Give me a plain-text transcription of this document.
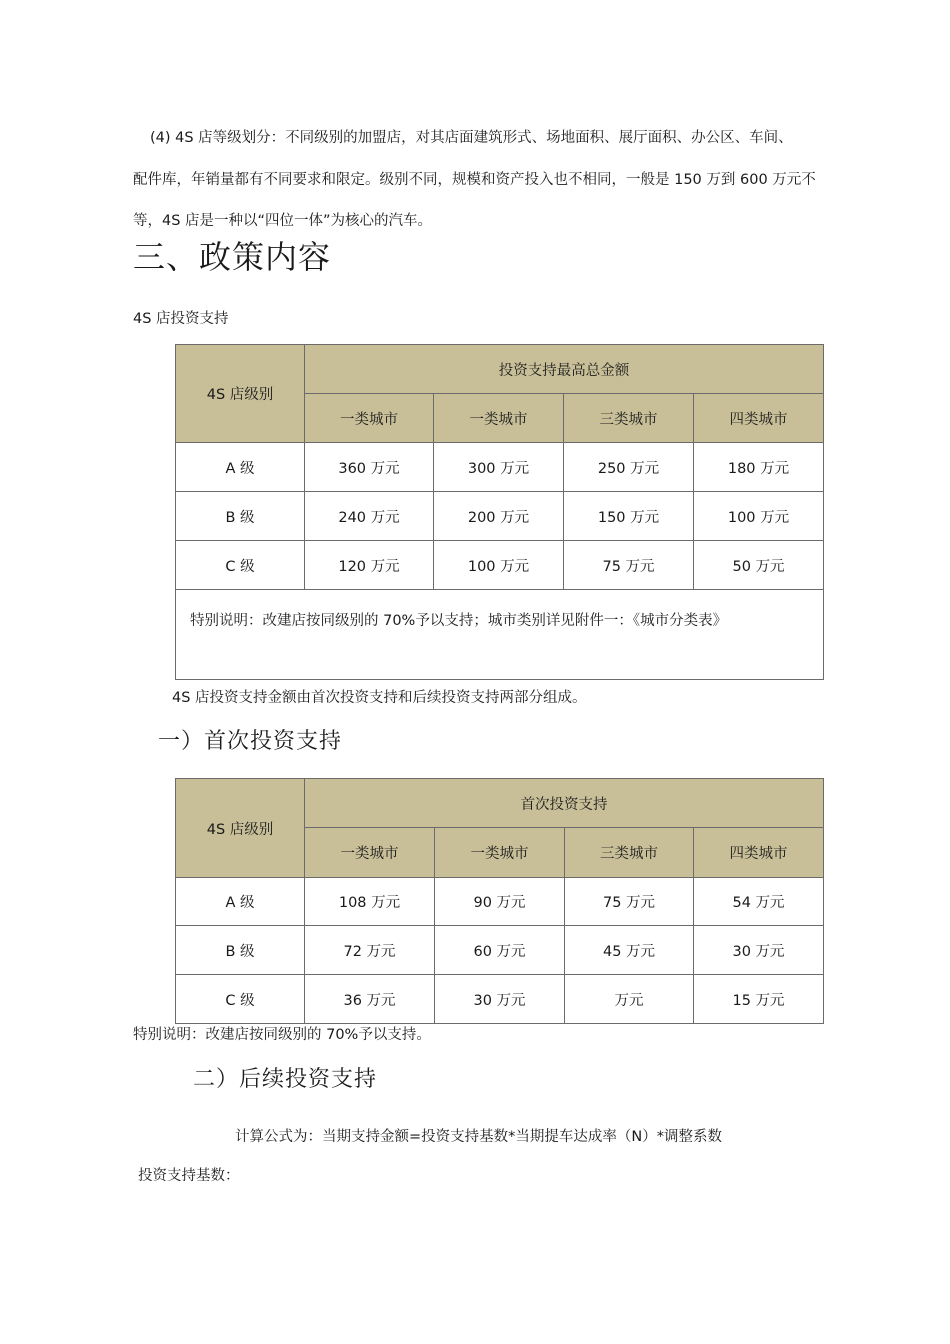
(4) 4S 店等级划分：不同级别的加盟店，对其店面建筑形式、场地面积、展厅面积、办公区、车间、
配件库，年销量都有不同要求和限定。级别不同，规模和资产投入也不相同，一般是 150 万到 600 万元不
等，4S 店是一种以“四位一体”为核心的汽车。
三、政策内容
4S 店投资支持
4S 店级别	投资支持最高总金额			
	一类城市	一类城市	三类城市	四类城市
A 级	360 万元	300 万元	250 万元	180 万元
B 级	240 万元	200 万元	150 万元	100 万元
C 级	120 万元	100 万元	75 万元	50 万元

特别说明：改建店按同级别的 70%予以支持；城市类别详见附件一：《城市分类表》				
4S 店投资支持金额由首次投资支持和后续投资支持两部分组成。
一）首次投资支持
4S 店级别	首次投资支持			
	一类城市	一类城市	三类城市	四类城市
A 级	108 万元	90 万元	75 万元	54 万元
B 级	72 万元	60 万元	45 万元	30 万元
C 级	36 万元	30 万元	万元	15 万元
特别说明：改建店按同级别的 70%予以支持。
二）后续投资支持
计算公式为：当期支持金额=投资支持基数*当期提车达成率（N）*调整系数
投资支持基数：
